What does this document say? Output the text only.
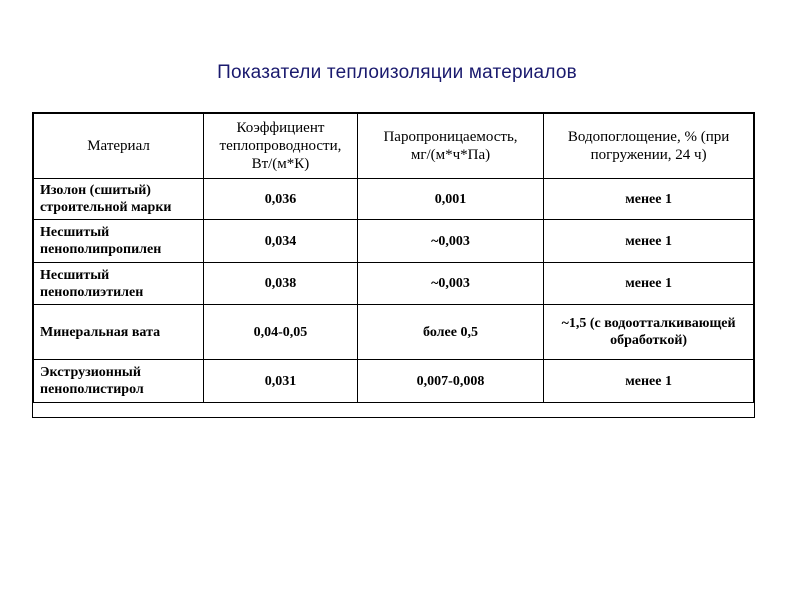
Показатели теплоизоляции материалов
Материал	Коэффициент теплопроводности, Вт/(м*К)	Паропроницаемость, мг/(м*ч*Па)	Водопоглощение, % (при погружении, 24 ч)
Изолон (сшитый) строительной марки	0,036	0,001	менее 1
Несшитый пенополипропилен	0,034	~0,003	менее 1
Несшитый пенополиэтилен	0,038	~0,003	менее 1
Минеральная вата	0,04-0,05	более 0,5	~1,5 (с водоотталкивающей обработкой)
Экструзионный пенополистирол	0,031	0,007-0,008	менее 1
